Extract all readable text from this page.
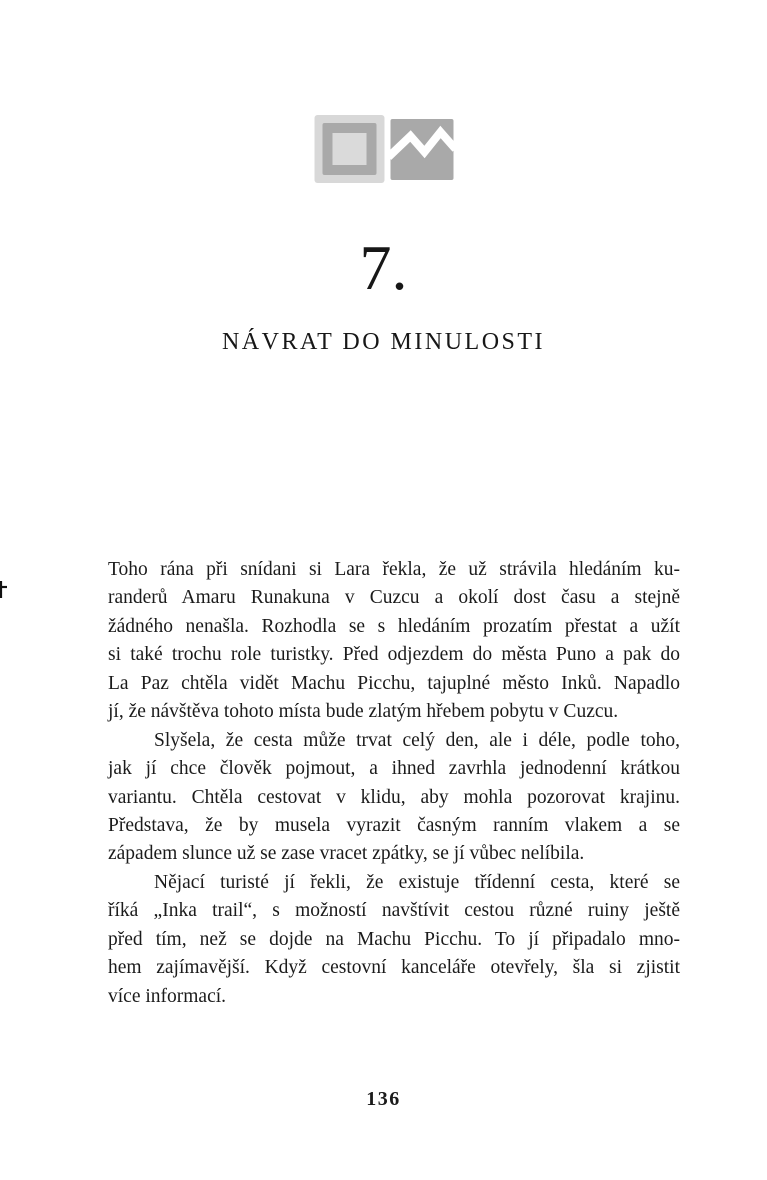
7.
NÁVRAT DO MINULOSTI
Toho rána při snídani si Lara řekla, že už strávila hledáním ku-
randerů Amaru Runakuna v Cuzcu a okolí dost času a stejně
žádného nenašla. Rozhodla se s hledáním prozatím přestat a užít
si také trochu role turistky. Před odjezdem do města Puno a pak do
La Paz chtěla vidět Machu Picchu, tajuplné město Inků. Napadlo
jí, že návštěva tohoto místa bude zlatým hřebem pobytu v Cuzcu.
Slyšela, že cesta může trvat celý den, ale i déle, podle toho,
jak jí chce člověk pojmout, a ihned zavrhla jednodenní krátkou
variantu. Chtěla cestovat v klidu, aby mohla pozorovat krajinu.
Představa, že by musela vyrazit časným ranním vlakem a se
západem slunce už se zase vracet zpátky, se jí vůbec nelíbila.
Nějací turisté jí řekli, že existuje třídenní cesta, které se
říká „Inka trail“, s možností navštívit cestou různé ruiny ještě
před tím, než se dojde na Machu Picchu. To jí připadalo mno-
hem zajímavější. Když cestovní kanceláře otevřely, šla si zjistit
více informací.
136
